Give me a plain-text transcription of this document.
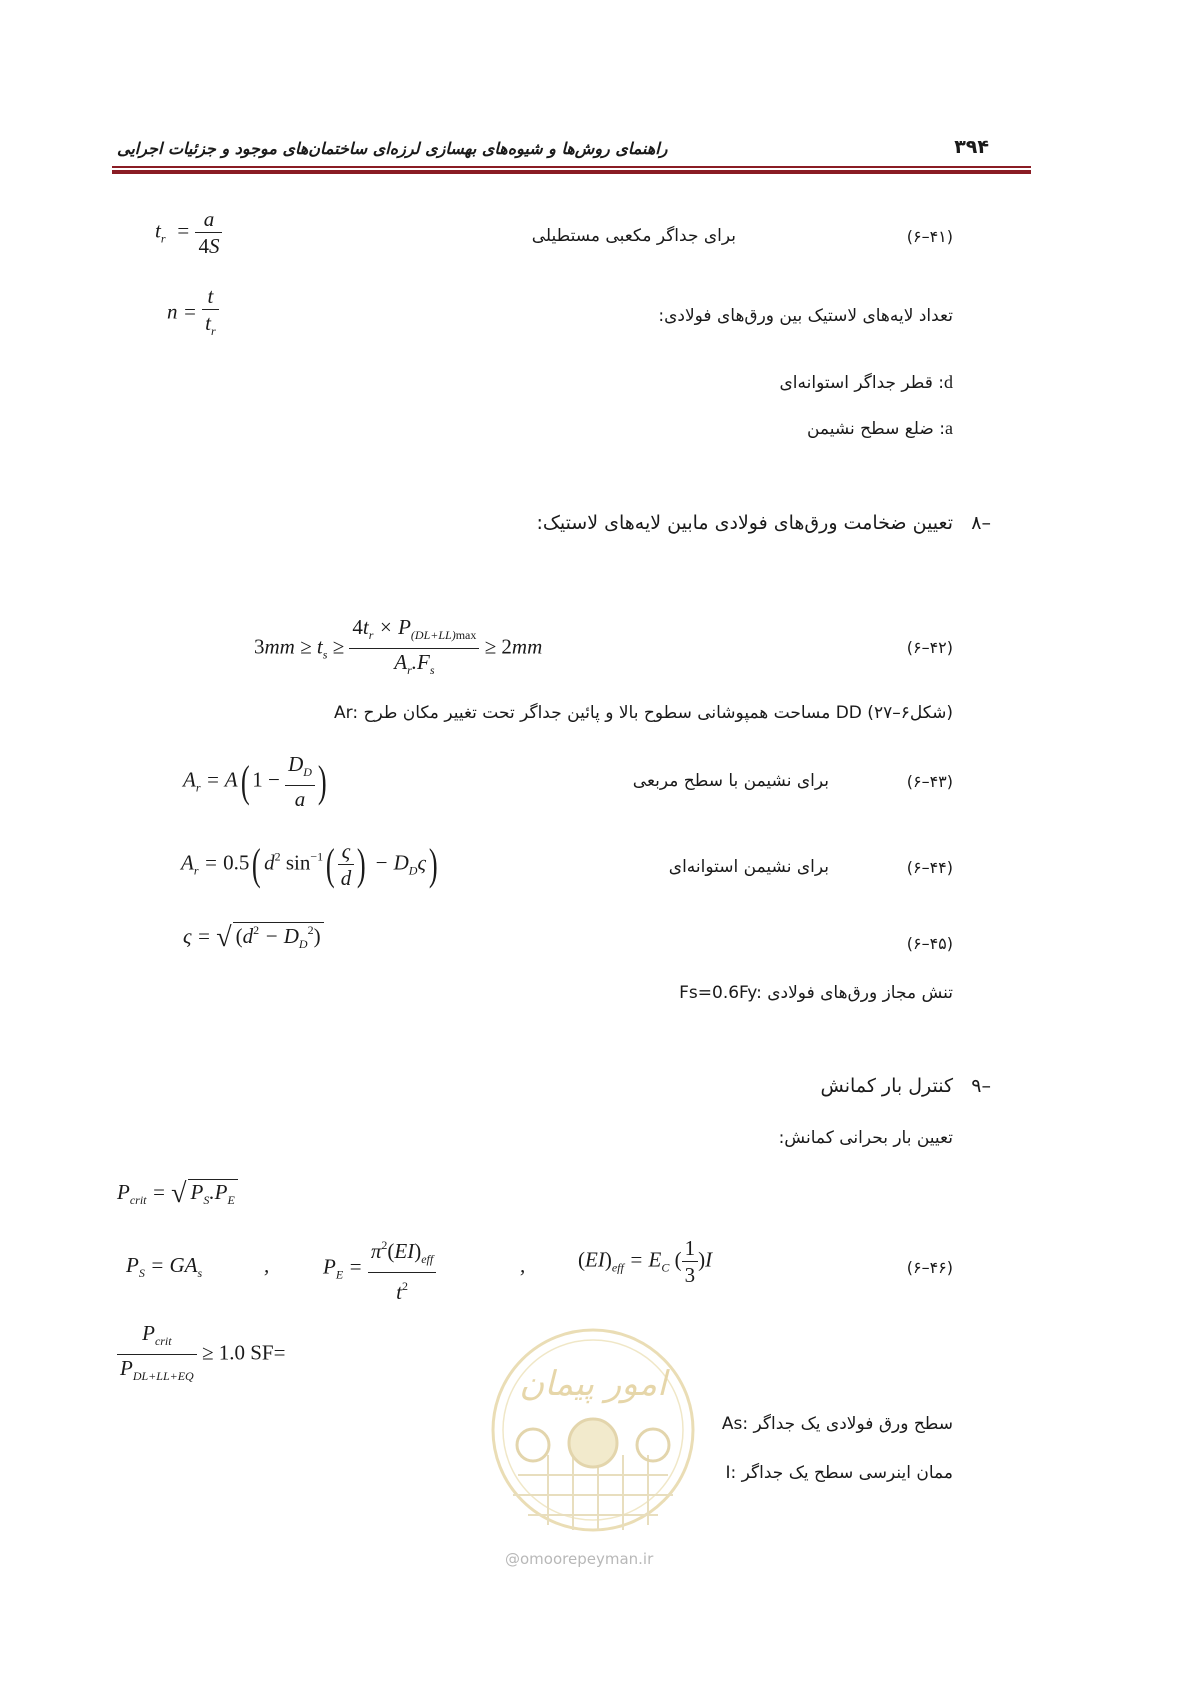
۳۹۴
راهنمای روش‌ها و شیوه‌های بهسازی لرزه‌ای ساختمان‌های موجود و جزئیات اجرایی
$t_r = \frac{a}{4S}$	برای جداگر مکعبی مستطیلی	(۶–۴۱)
$n = \frac{t}{t_r}$	تعداد لایه‌های لاستیک بین ورق‌های فولادی:
: قطر جداگر استوانه‌ایd
: ضلع سطح نشیمنa
۸–
تعیین ضخامت ورق‌های فولادی مابین لایه‌های لاستیک:
$3mm \ge t_s \ge \frac{4t_r \times P_{(DL+LL)max}}{A_r.F_s} \ge 2mm$	(۶–۴۲)
Ar: مساحت همپوشانی سطوح بالا و پائین جداگر تحت تغییر مکان طرح DD (شکل۶–۲۷)
$A_r = A$( $1 - \frac{D_D}{a}$ )	برای نشیمن با سطح مربعی	(۶–۴۳)
$A_r = 0.5$( $d^2$ $\sin^{-1}( \frac{\varsigma}{d}$ ) − $D_D\varsigma$)	برای نشیمن استوانه‌ای	(۶–۴۴)
ς = √ $(d^2 - D_D^2)$	(۶–۴۵)
Fs=0.6Fy: تنش مجاز ورق‌های فولادی
۹–
کنترل بار کمانش
تعیین بار بحرانی کمانش:
$P_{crit}$ = √ $P_S.P_E$
$P_S = GA_s$	,	$P_E = \frac{\pi^2(EI)_{eff}}{t^2}$	,	$(EI)_{eff} = E_C$ ( $\frac{1}{3} )I$	(۶–۴۶)
$\frac{P_{crit}}{P_{DL+LL+EQ}} \ge 1.0$ SF=
As: سطح ورق فولادی یک جداگر
I: ممان اینرسی سطح یک جداگر
امور پیمان
@omoorepeyman.ir
